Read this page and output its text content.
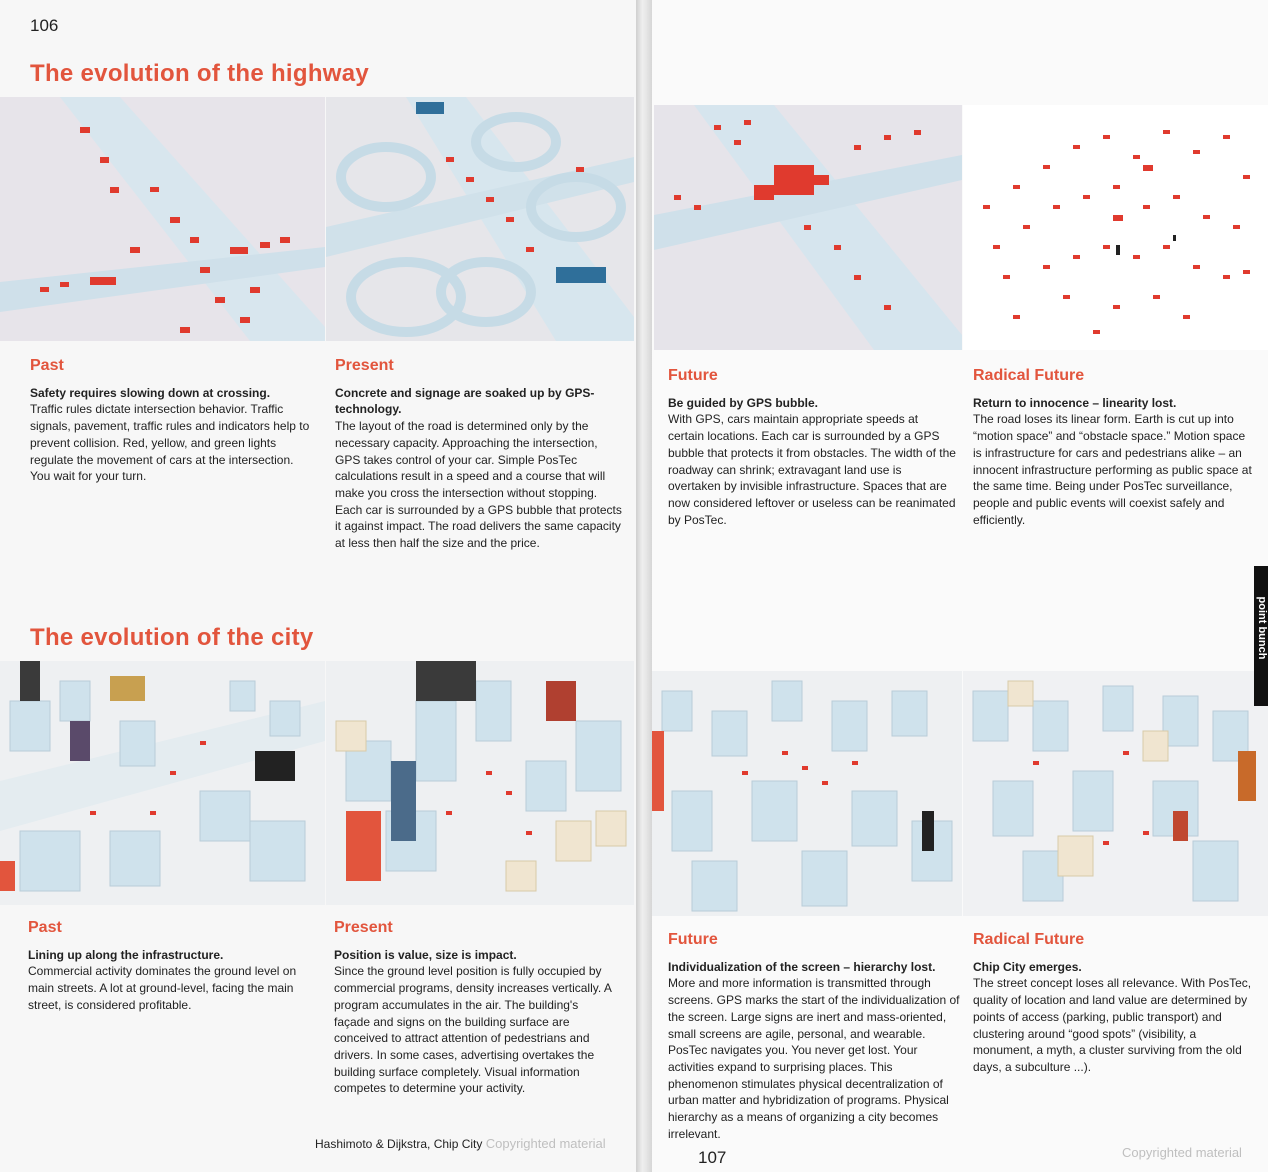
106
The evolution of the highway
Past

Safety requires slowing down at crossing.

Traffic rules dictate intersection behavior. Traffic signals, pavement, traffic rules and indicators help to prevent collision. Red, yellow, and green lights regulate the movement of cars at the intersection. You wait for your turn.

Present

Concrete and signage are soaked up by GPS-technology.

The layout of the road is determined only by the necessary capacity. Approaching the intersection, GPS takes control of your car. Simple PosTec calculations result in a speed and a course that will make you cross the intersection without stopping. Each car is surrounded by a GPS bubble that protects it against impact. The road delivers the same capacity at less then half the size and the price.

The evolution of the city
Past

Lining up along the infrastructure.

Commercial activity dominates the ground level on main streets. A lot at ground-level, facing the main street, is considered profitable.

Present

Position is value, size is impact.

Since the ground level position is fully occupied by commercial programs, density increases vertically. A program accumulates in the air. The building's façade and signs on the building surface are conceived to attract attention of pedestrians and drivers. In some cases, advertising overtakes the building surface completely. Visual information competes to determine your activity.

Hashimoto & Dijkstra, Chip City Copyrighted material
Future

Be guided by GPS bubble.

With GPS, cars maintain appropriate speeds at certain locations. Each car is surrounded by a GPS bubble that protects it from obstacles. The width of the roadway can shrink; extravagant land use is overtaken by invisible infrastructure. Spaces that are now considered leftover or useless can be reanimated by PosTec.

Radical Future

Return to innocence – linearity lost.

The road loses its linear form. Earth is cut up into “motion space” and “obstacle space.” Motion space is infrastructure for cars and pedestrians alike – an innocent infrastructure performing as public space at the same time. Being under PosTec surveillance, people and public events will coexist safely and efficiently.

Future

Individualization of the screen – hierarchy lost.

More and more information is transmitted through screens. GPS marks the start of the individualization of the screen. Large signs are inert and mass-oriented, small screens are agile, personal, and wearable. PosTec navigates you. You never get lost. Your activities expand to surprising places. This phenomenon stimulates physical decentralization of urban matter and hybridization of programs. Physical hierarchy as a means of organizing a city becomes irrelevant.

Radical Future

Chip City emerges.

The street concept loses all relevance. With PosTec, quality of location and land value are determined by points of access (parking, public transport) and clustering around “good spots” (visibility, a monument, a myth, a cluster surviving from the old days, a subculture ...).

point bunch
107	Copyrighted material
